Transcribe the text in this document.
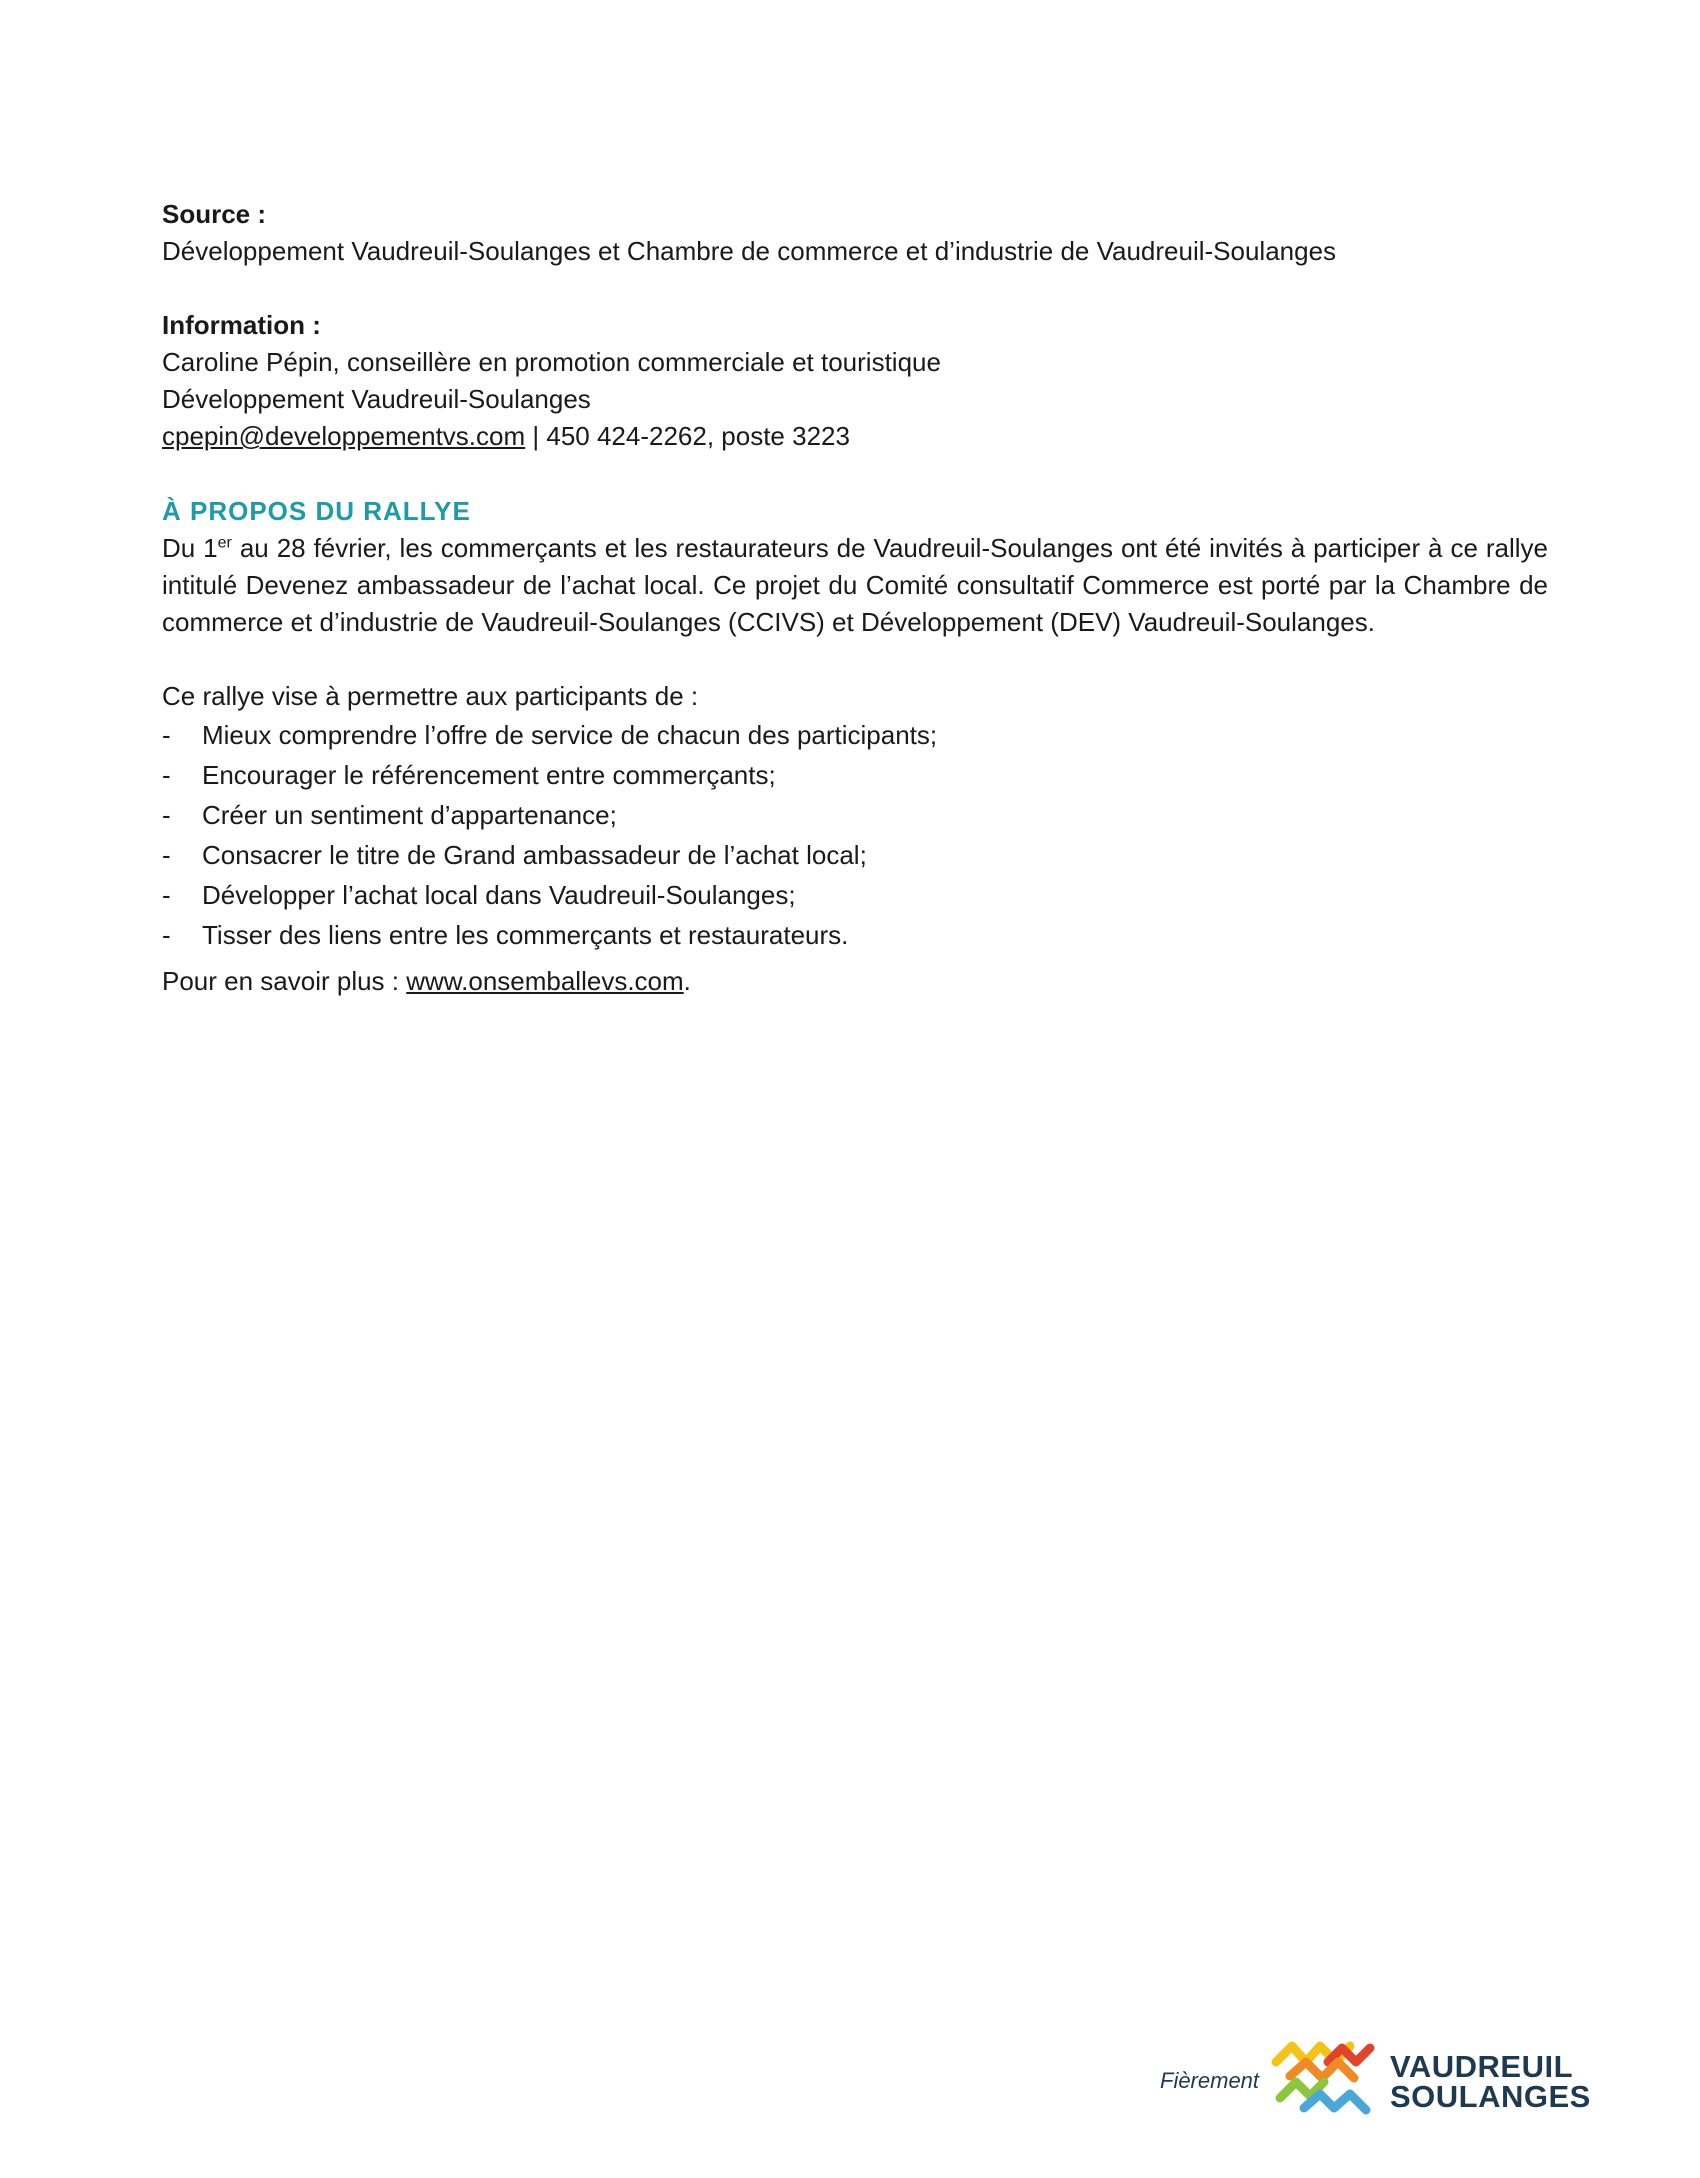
Source :
Développement Vaudreuil-Soulanges et Chambre de commerce et d’industrie de Vaudreuil-Soulanges
Information :
Caroline Pépin, conseillère en promotion commerciale et touristique
Développement Vaudreuil-Soulanges
cpepin@developpementvs.com | 450 424-2262, poste 3223
À PROPOS DU RALLYE

Du 1er au 28 février, les commerçants et les restaurateurs de Vaudreuil-Soulanges ont été invités à participer à ce rallye intitulé Devenez ambassadeur de l’achat local. Ce projet du Comité consultatif Commerce est porté par la Chambre de commerce et d’industrie de Vaudreuil-Soulanges (CCIVS) et Développement (DEV) Vaudreuil-Soulanges.

Ce rallye vise à permettre aux participants de :
- Mieux comprendre l’offre de service de chacun des participants;
- Encourager le référencement entre commerçants;
- Créer un sentiment d’appartenance;
- Consacrer le titre de Grand ambassadeur de l’achat local;
- Développer l’achat local dans Vaudreuil-Soulanges;
- Tisser des liens entre les commerçants et restaurateurs.
Pour en savoir plus : www.onsemballevs.com.
Fièrement	VAUDREUIL
SOULANGES
